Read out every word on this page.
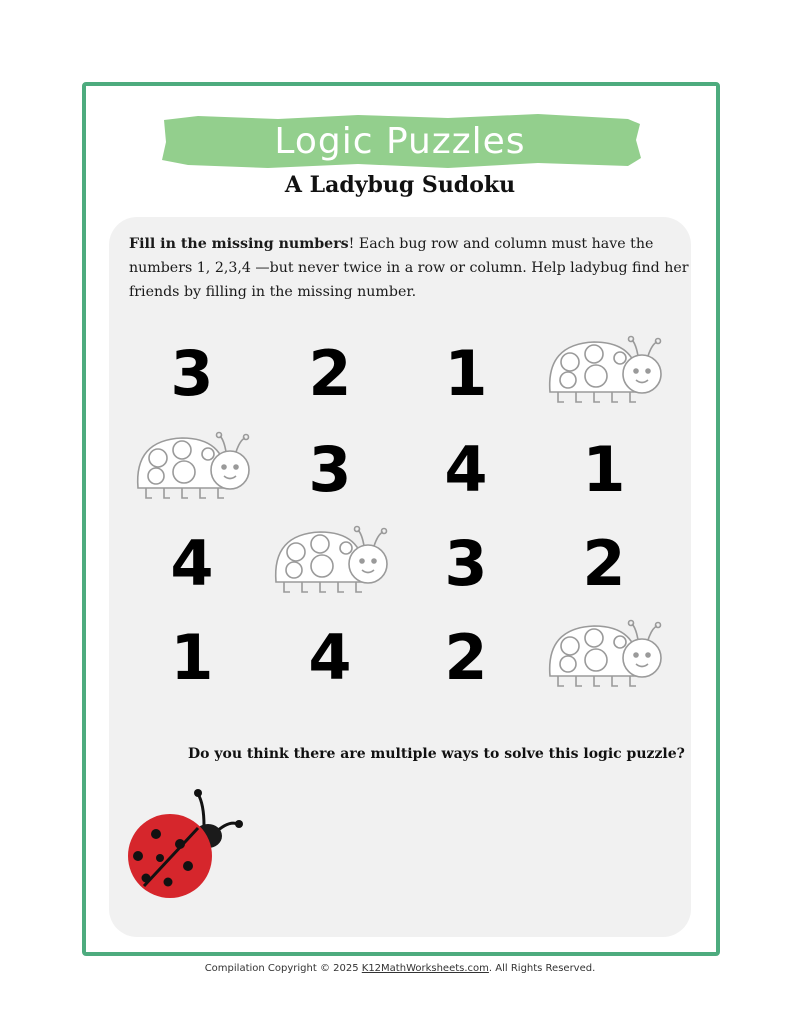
Logic Puzzles
A Ladybug Sudoku
Fill in the missing numbers! Each bug row and column must have the numbers 1, 2,3,4 —but never twice in a row or column. Help ladybug find her friends by filling in the missing number.
3 2 1
3 4 1
4	3 2
1 4 2
Do you think there are multiple ways to solve this logic puzzle?
Compilation Copyright © 2025 K12MathWorksheets.com. All Rights Reserved.
